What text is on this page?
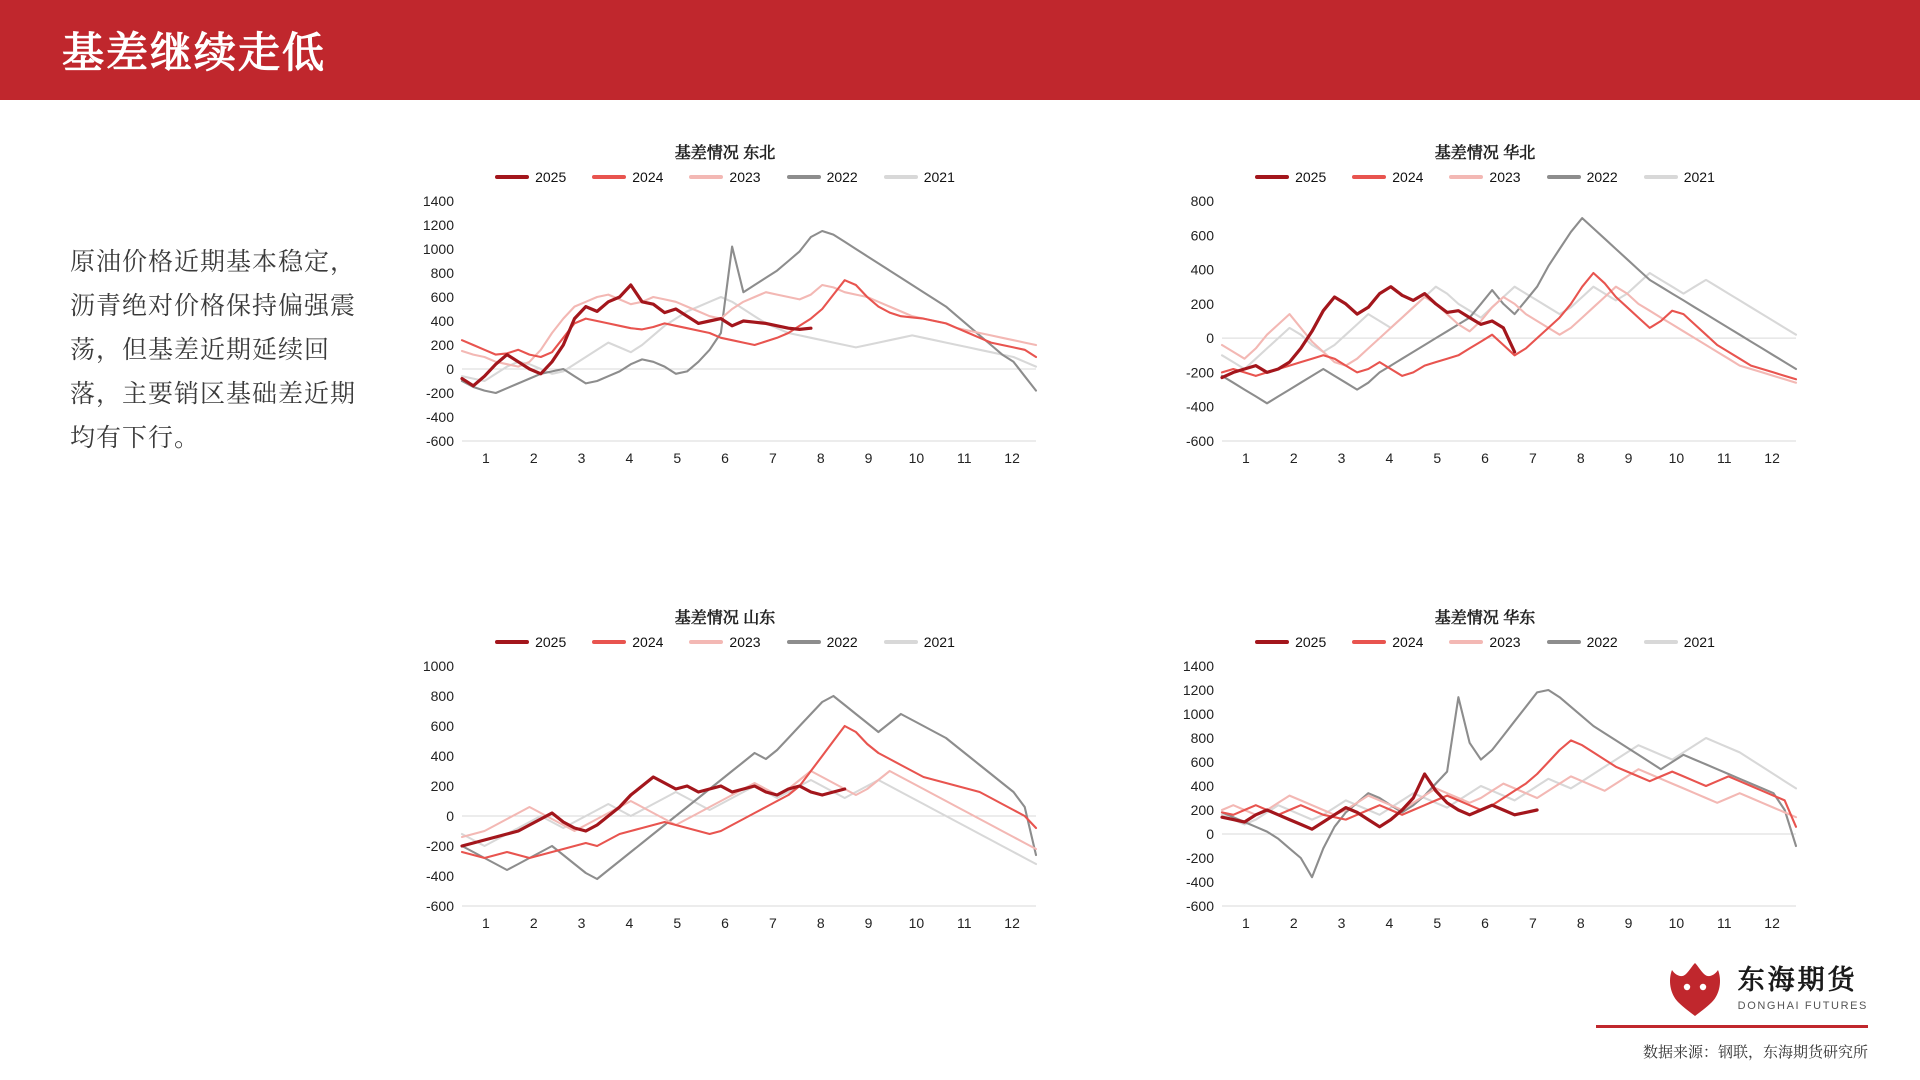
基差继续走低
原油价格近期基本稳定，沥青绝对价格保持偏强震荡，但基差近期延续回落，主要销区基础差近期均有下行。
基差情况 东北
2025	2024	2023	2022	2021
-600
-400
-200
0
200
400
600
800
1000
1200
1400
1	2	3	4	5	6	7	8	9	10 11 12
基差情况 华北
2025	2024	2023	2022	2021
-600
-400
-200
0
200
400
600
800
1	2	3	4	5	6	7	8	9	10 11 12
基差情况 山东
2025	2024	2023	2022	2021
-600
-400
-200
0
200
400
600
800
1000
1	2	3	4	5	6	7	8	9	10 11 12
基差情况 华东
2025	2024	2023	2022	2021
-600
-400
-200
0
200
400
600
800
1000
1200
1400
1	2	3	4	5	6	7	8	9	10 11 12
东海期货
DONGHAI FUTURES
数据来源：钢联，东海期货研究所
